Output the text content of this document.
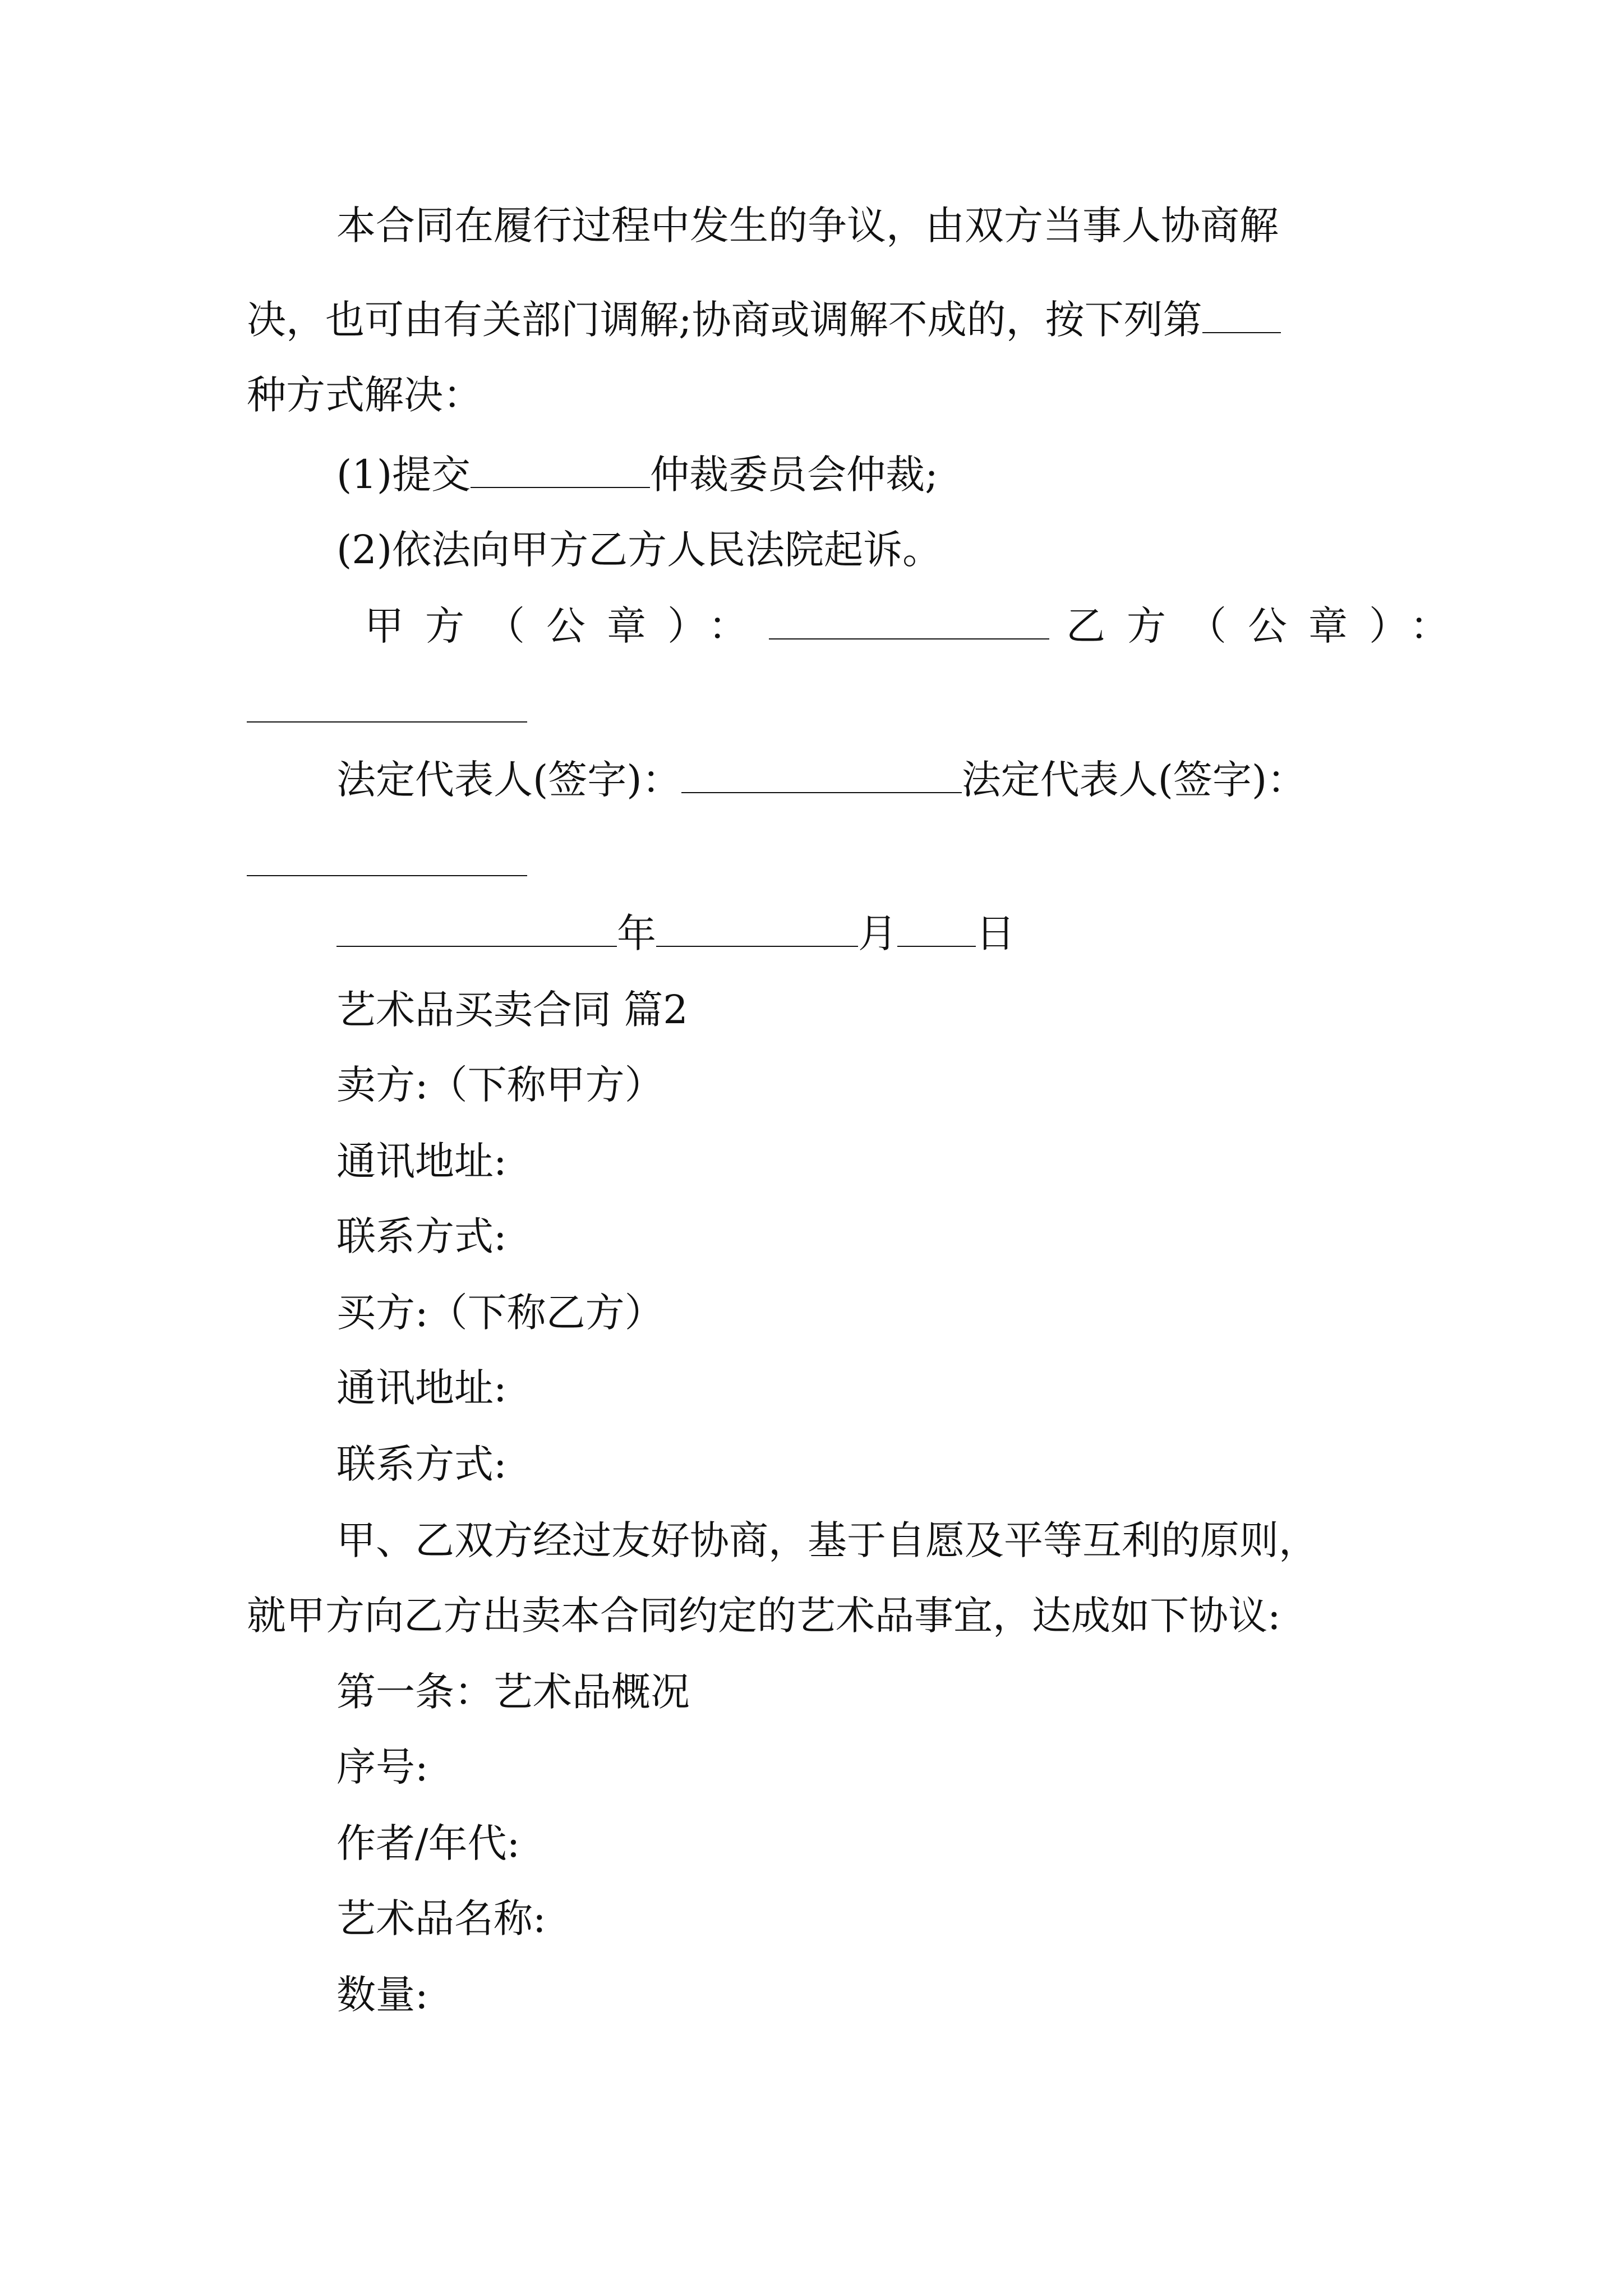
本合同在履行过程中发生的争议，由双方当事人协商解
决，也可由有关部门调解;协商或调解不成的，按下列第
种方式解决：
(1)提交	仲裁委员会仲裁;
(2)依法向甲方乙方人民法院起诉。
甲方（公章）：	乙方（公章）：
法定代表人(签字)：	法定代表人(签字)：
年	月 日
艺术品买卖合同 篇2
卖方:（下称甲方）
通讯地址:
联系方式:
买方:（下称乙方）
通讯地址:
联系方式:
甲、乙双方经过友好协商，基于自愿及平等互利的原则，
就甲方向乙方出卖本合同约定的艺术品事宜，达成如下协议:
第一条：艺术品概况
序号:
作者/年代:
艺术品名称:
数量:
